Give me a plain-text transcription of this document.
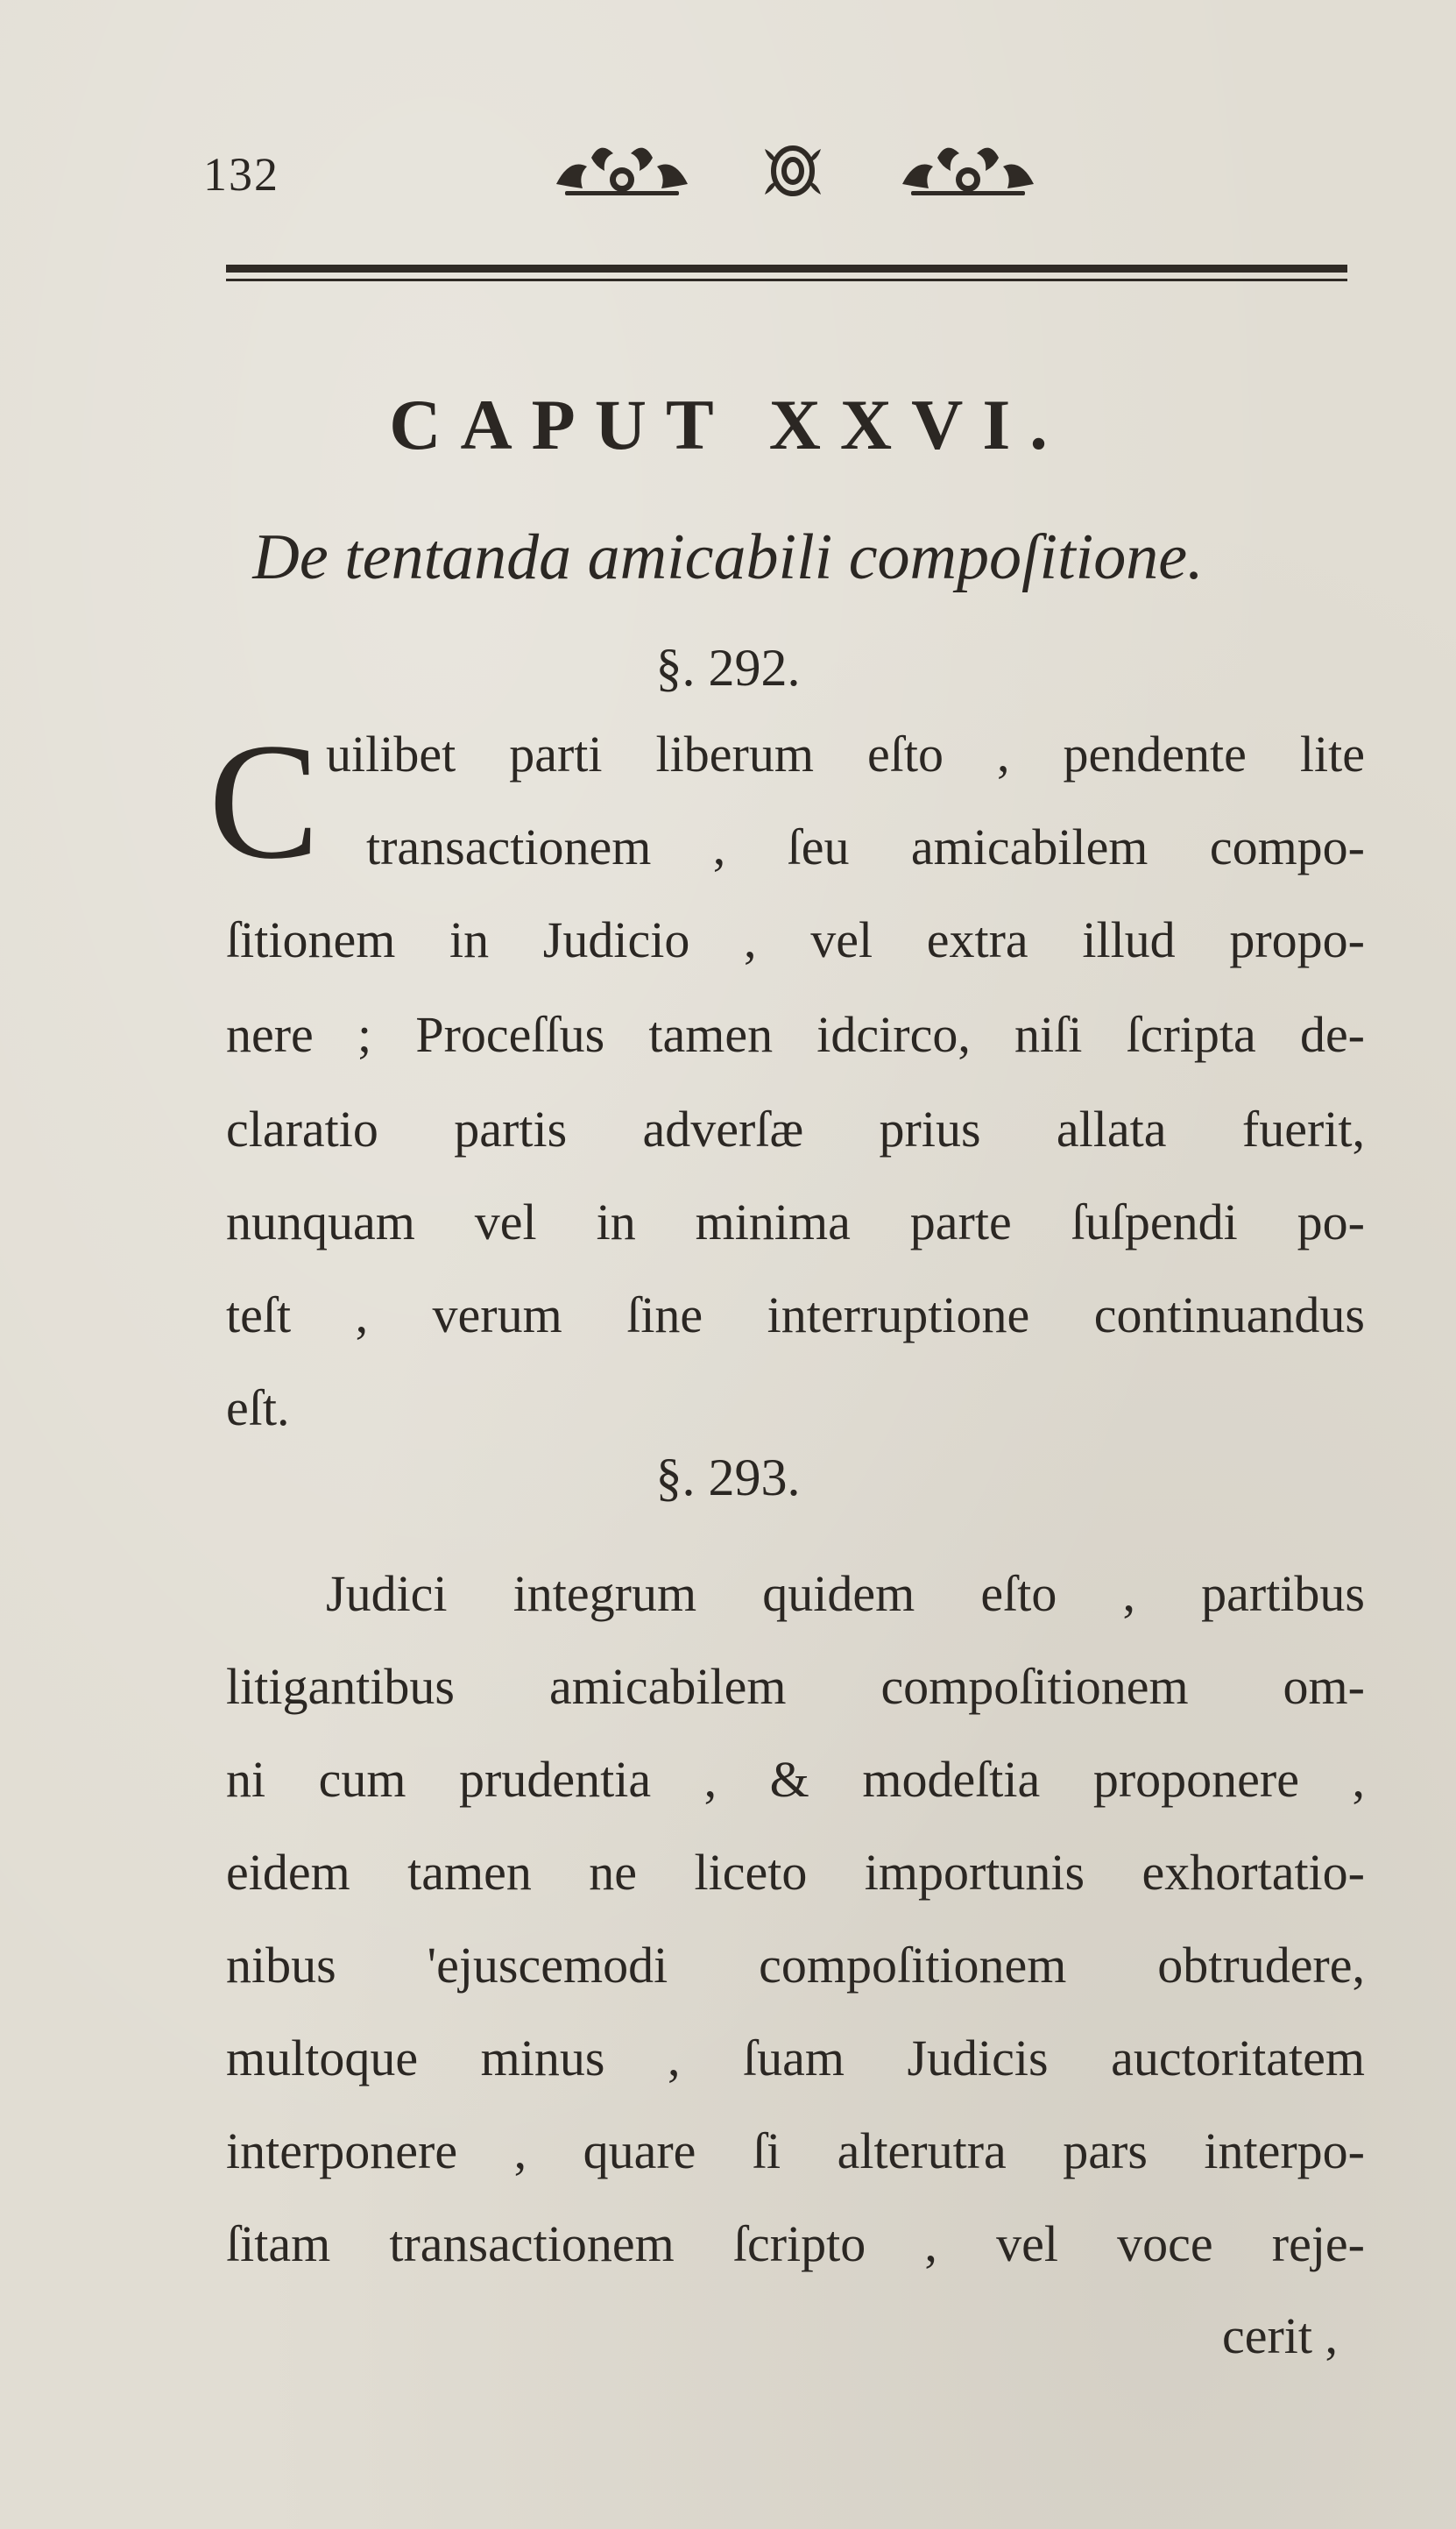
132
CAPUT XXVI.
De tentanda amicabili compoſitione.
§. 292.
C uilibet parti liberum eſto , pendente lite
transactionem , ſeu amicabilem compo-
ſitionem in Judicio , vel extra illud propo-
nere ; Proceſſus tamen idcirco, niſi ſcripta de-
claratio partis adverſæ prius allata fuerit,
nunquam vel in minima parte ſuſpendi po-
teſt , verum ſine interruptione continuandus
eſt.
§. 293.
Judici integrum quidem eſto , partibus
litigantibus amicabilem compoſitionem om-
ni cum prudentia , & modeſtia proponere ,
eidem tamen ne liceto importunis exhortatio-
nibus 'ejuscemodi compoſitionem obtrudere,
multoque minus , ſuam Judicis auctoritatem
interponere , quare ſi alterutra pars interpo-
ſitam transactionem ſcripto , vel voce reje-
cerit ,
